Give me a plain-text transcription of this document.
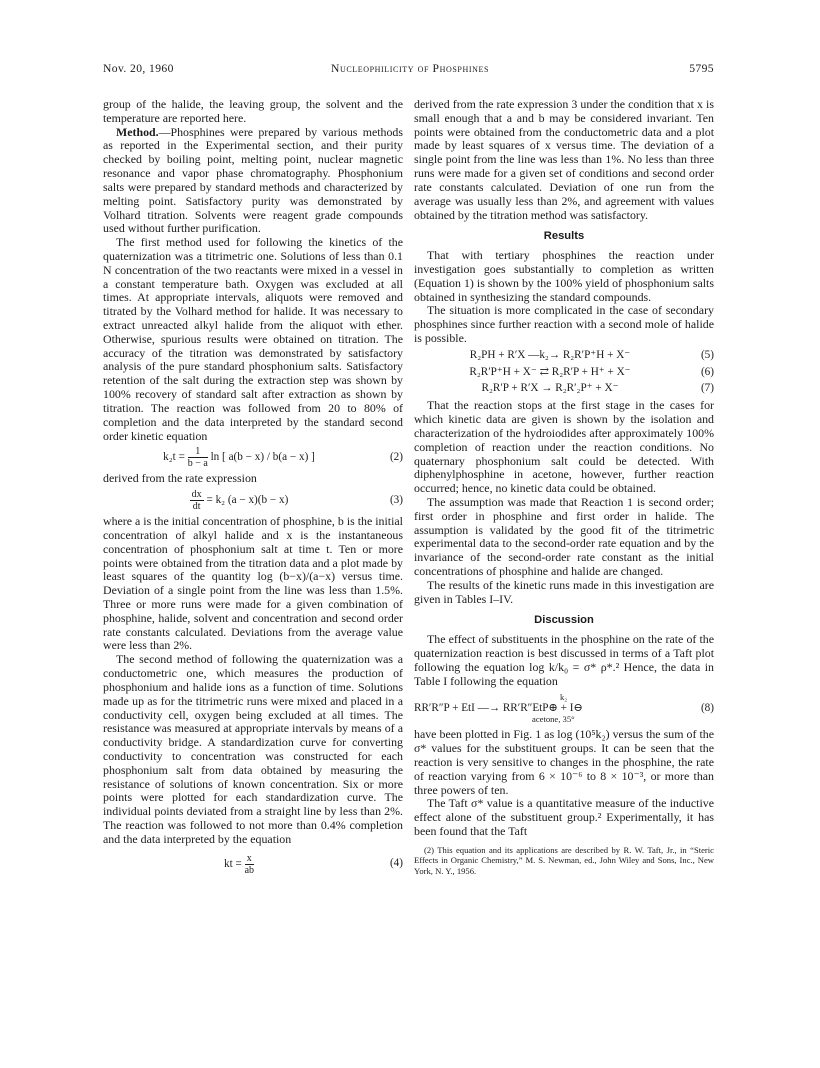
Nov. 20, 1960	Nucleophilicity of Phosphines	5795

group of the halide, the leaving group, the solvent and the temperature are reported here.

Method.—Phosphines were prepared by various methods as reported in the Experimental section, and their purity checked by boiling point, melting point, nuclear magnetic resonance and vapor phase chromatography. Phosphonium salts were prepared by standard methods and characterized by melting point. Satisfactory purity was demonstrated by Volhard titration. Solvents were reagent grade compounds used without further purification.

The first method used for following the kinetics of the quaternization was a titrimetric one. Solutions of less than 0.1 N concentration of the two reactants were mixed in a vessel in a constant temperature bath. Oxygen was excluded at all times. At appropriate intervals, aliquots were removed and titrated by the Volhard method for halide. It was necessary to extract unreacted alkyl halide from the aliquot with ether. Otherwise, spurious results were obtained on titration. The accuracy of the titration was demonstrated by satisfactory analysis of the pure standard phosphonium salts. Satisfactory retention of the salt during the extraction step was shown by 100% recovery of standard salt after extraction as shown by titration. The reaction was followed from 20 to 80% of completion and the data interpreted by the standard second order kinetic equation

$k_2t = \frac{1}{b - a}$ ln [ a(b − x) / b(a − x) ]	(2)

derived from the rate expression

$\frac{dx}{dt} = k_2$ (a − x)(b − x)	(3)

where a is the initial concentration of phosphine, b is the initial concentration of alkyl halide and x is the instantaneous concentration of phosphonium salt at time t. Ten or more points were obtained from the titration data and a plot made by least squares of the quantity log (b−x)/(a−x) versus time. Deviation of a single point from the line was less than 1.5%. Three or more runs were made for a given combination of phosphine, halide, solvent and concentration and second order rate constants calculated. Deviations from the average value were less than 2%.

The second method of following the quaternization was a conductometric one, which measures the production of phosphonium and halide ions as a function of time. Solutions made up as for the titrimetric runs were mixed and placed in a conductivity cell, oxygen being excluded at all times. The resistance was measured at appropriate intervals by means of a conductivity bridge. A standardization curve for converting conductivity to concentration was constructed for each phosphonium salt from data obtained by measuring the resistance of solutions of known concentration. Six or more points were plotted for each standardization curve. The individual points deviated from a straight line by less than 2%. The reaction was followed to not more than 0.4% completion and the data interpreted by the equation

kt = $\frac{x}{ab}$	(4)

derived from the rate expression 3 under the condition that x is small enough that a and b may be considered invariant. Ten points were obtained from the conductometric data and a plot made by least squares of x versus time. The deviation of a single point from the line was less than 1%. No less than three runs were made for a given set of conditions and second order rate constants calculated. Deviation of one run from the average was usually less than 2%, and agreement with values obtained by the titration method was satisfactory.

Results

That with tertiary phosphines the reaction under investigation goes substantially to completion as written (Equation 1) is shown by the 100% yield of phosphonium salts obtained in synthesizing the standard compounds.

The situation is more complicated in the case of secondary phosphines since further reaction with a second mole of halide is possible.

R₂PH + R′X —k₂→ R₂R′P⁺H + X⁻	(5)
R₂R′P⁺H + X⁻ ⇄ R₂R′P + H⁺ + X⁻	(6)
R₂R′P + R′X → R₂R′₂P⁺ + X⁻	(7)

That the reaction stops at the first stage in the cases for which kinetic data are given is shown by the isolation and characterization of the hydroiodides after approximately 100% completion of reaction under the reaction conditions. No quaternary phosphonium salt could be detected. With diphenylphosphine in acetone, however, further reaction occurred; hence, no kinetic data could be obtained.

The assumption was made that Reaction 1 is second order; first order in phosphine and first order in halide. The assumption is validated by the good fit of the titrimetric experimental data to the second-order rate equation and by the invariance of the second-order rate constant as the initial concentrations of phosphine and halide are changed.

The results of the kinetic runs made in this investigation are given in Tables I–IV.

Discussion

The effect of substituents in the phosphine on the rate of the quaternization reaction is best discussed in terms of a Taft plot following the equation log k/k₀ = σ* ρ*.² Hence, the data in Table I following the equation

k₂
RR′R″P + EtI —→ RR′R″EtP⊕ + I⊖
acetone, 35°
(8)

have been plotted in Fig. 1 as log (10⁵k₂) versus the sum of the σ* values for the substituent groups. It can be seen that the reaction is very sensitive to changes in the phosphine, the rate of reaction varying from 6 × 10⁻⁶ to 8 × 10⁻³, or more than three powers of ten.

The Taft σ* value is a quantitative measure of the inductive effect alone of the substituent group.² Experimentally, it has been found that the Taft

(2) This equation and its applications are described by R. W. Taft, Jr., in “Steric Effects in Organic Chemistry,” M. S. Newman, ed., John Wiley and Sons, Inc., New York, N. Y., 1956.
